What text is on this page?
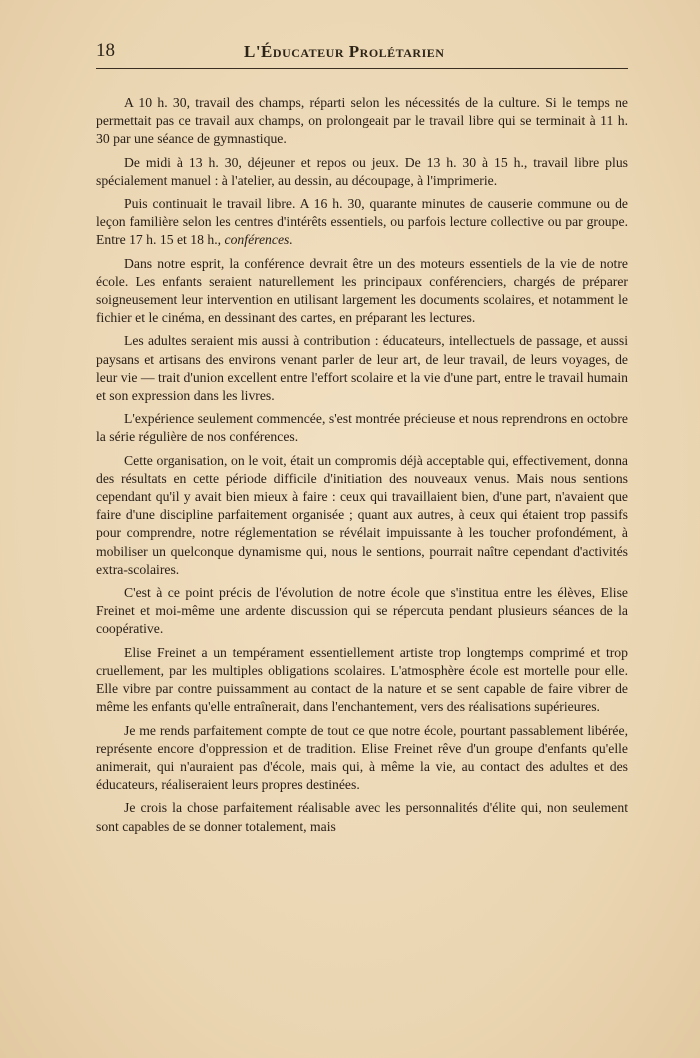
18	L'Éducateur Prolétarien

A 10 h. 30, travail des champs, réparti selon les nécessités de la culture. Si le temps ne permettait pas ce travail aux champs, on prolongeait par le travail libre qui se terminait à 11 h. 30 par une séance de gymnastique.

De midi à 13 h. 30, déjeuner et repos ou jeux. De 13 h. 30 à 15 h., travail libre plus spécialement manuel : à l'atelier, au dessin, au découpage, à l'imprimerie.

Puis continuait le travail libre. A 16 h. 30, quarante minutes de causerie commune ou de leçon familière selon les centres d'intérêts essentiels, ou parfois lecture collective ou par groupe. Entre 17 h. 15 et 18 h., conférences.

Dans notre esprit, la conférence devrait être un des moteurs essentiels de la vie de notre école. Les enfants seraient naturellement les principaux conférenciers, chargés de préparer soigneusement leur intervention en utilisant largement les documents scolaires, et notamment le fichier et le cinéma, en dessinant des cartes, en préparant les lectures.

Les adultes seraient mis aussi à contribution : éducateurs, intellectuels de passage, et aussi paysans et artisans des environs venant parler de leur art, de leur travail, de leurs voyages, de leur vie — trait d'union excellent entre l'effort scolaire et la vie d'une part, entre le travail humain et son expression dans les livres.

L'expérience seulement commencée, s'est montrée précieuse et nous reprendrons en octobre la série régulière de nos conférences.

Cette organisation, on le voit, était un compromis déjà acceptable qui, effectivement, donna des résultats en cette période difficile d'initiation des nouveaux venus. Mais nous sentions cependant qu'il y avait bien mieux à faire : ceux qui travaillaient bien, d'une part, n'avaient que faire d'une discipline parfaitement organisée ; quant aux autres, à ceux qui étaient trop passifs pour comprendre, notre réglementation se révélait impuissante à les toucher profondément, à mobiliser un quelconque dynamisme qui, nous le sentions, pourrait naître cependant d'activités extra-scolaires.

C'est à ce point précis de l'évolution de notre école que s'institua entre les élèves, Elise Freinet et moi-même une ardente discussion qui se répercuta pendant plusieurs séances de la coopérative.

Elise Freinet a un tempérament essentiellement artiste trop longtemps comprimé et trop cruellement, par les multiples obligations scolaires. L'atmosphère école est mortelle pour elle. Elle vibre par contre puissamment au contact de la nature et se sent capable de faire vibrer de même les enfants qu'elle entraînerait, dans l'enchantement, vers des réalisations supérieures.

Je me rends parfaitement compte de tout ce que notre école, pourtant passablement libérée, représente encore d'oppression et de tradition. Elise Freinet rêve d'un groupe d'enfants qu'elle animerait, qui n'auraient pas d'école, mais qui, à même la vie, au contact des adultes et des éducateurs, réaliseraient leurs propres destinées.

Je crois la chose parfaitement réalisable avec les personnalités d'élite qui, non seulement sont capables de se donner totalement, mais
